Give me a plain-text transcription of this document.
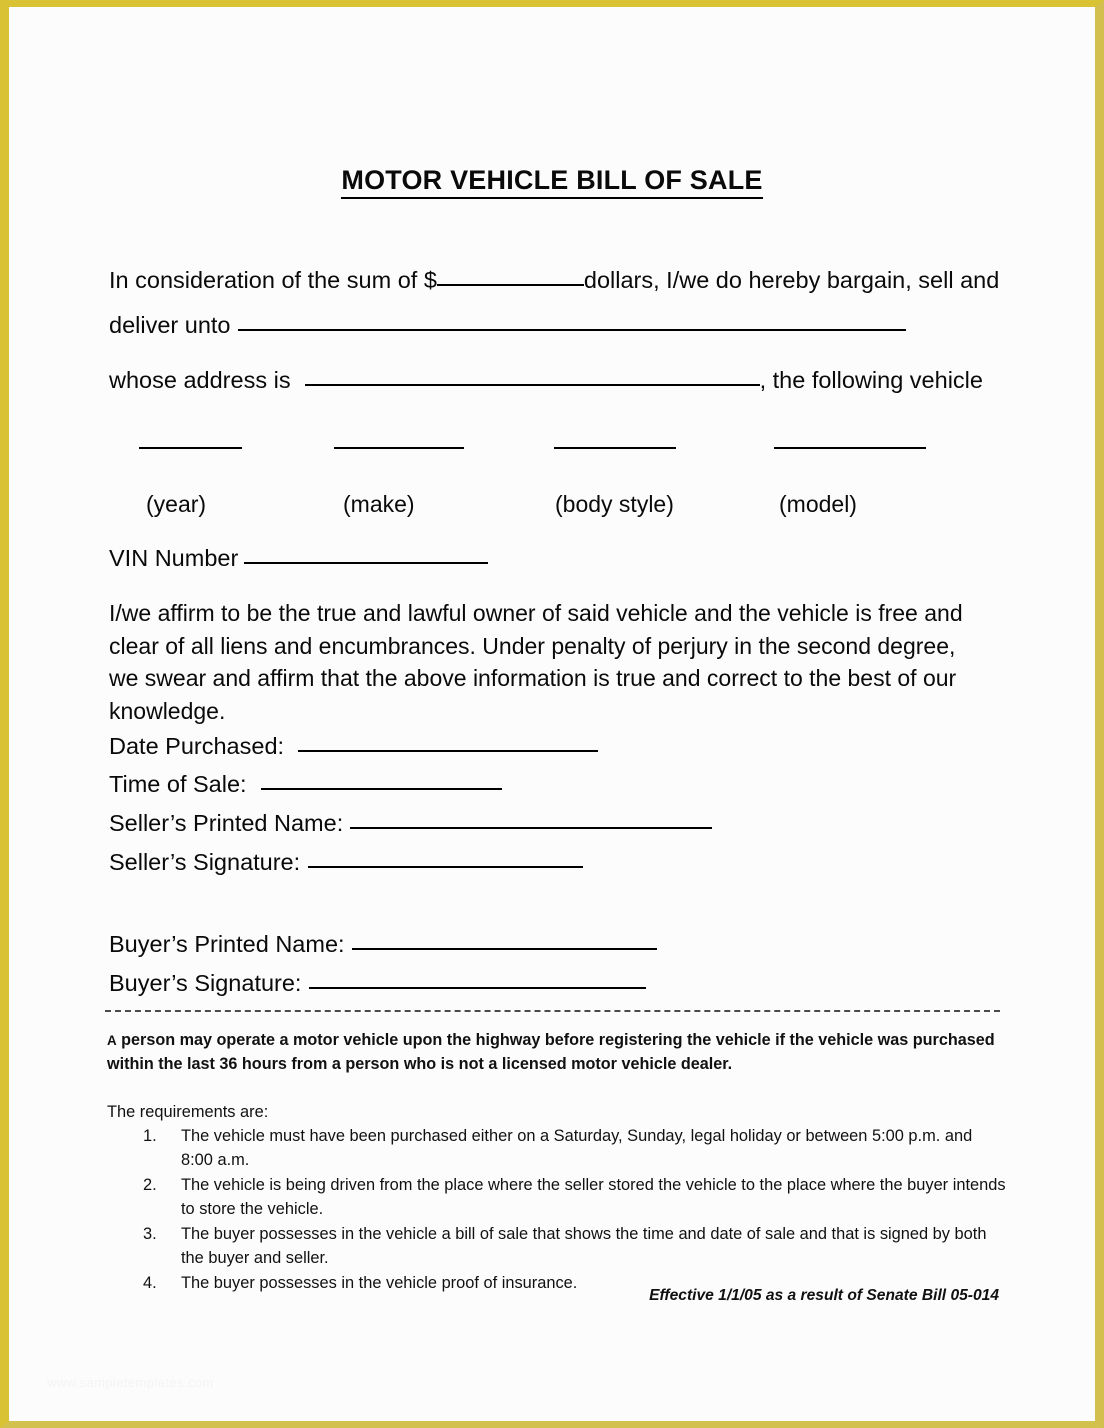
MOTOR VEHICLE BILL OF SALE
In consideration of the sum of $	dollars, I/we do hereby bargain, sell and
deliver unto
whose address is	, the following vehicle
(year)	(make)	(body style)	(model)
VIN Number
I/we affirm to be the true and lawful owner of said vehicle and the vehicle is free and clear of all liens and encumbrances. Under penalty of perjury in the second degree, we swear and affirm that the above information is true and correct to the best of our knowledge.
Date Purchased:
Time of Sale:
Seller’s Printed Name:
Seller’s Signature:
Buyer’s Printed Name:
Buyer’s Signature:
A person may operate a motor vehicle upon the highway before registering the vehicle if the vehicle was purchased within the last 36 hours from a person who is not a licensed motor vehicle dealer.
The requirements are:
1. The vehicle must have been purchased either on a Saturday, Sunday, legal holiday or between 5:00 p.m. and 8:00 a.m.
2. The vehicle is being driven from the place where the seller stored the vehicle to the place where the buyer intends to store the vehicle.
3. The buyer possesses in the vehicle a bill of sale that shows the time and date of sale and that is signed by both the buyer and seller.
4. The buyer possesses in the vehicle proof of insurance.
Effective 1/1/05 as a result of Senate Bill 05-014
www.sampletemplates.com
